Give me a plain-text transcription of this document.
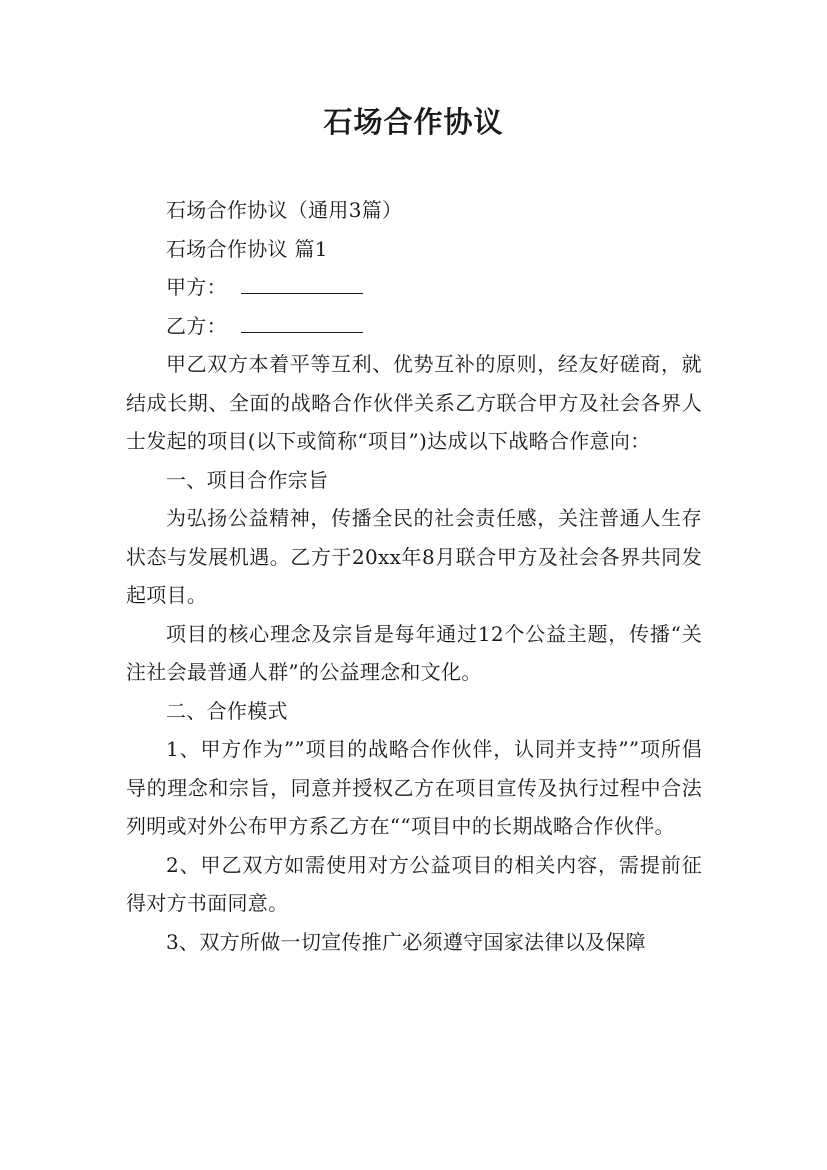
石场合作协议

石场合作协议（通用3篇）

石场合作协议 篇1

甲方：

乙方：

甲乙双方本着平等互利、优势互补的原则，经友好磋商，就结成长期、全面的战略合作伙伴关系乙方联合甲方及社会各界人士发起的项目(以下或简称“项目”)达成以下战略合作意向：

一、项目合作宗旨

为弘扬公益精神，传播全民的社会责任感，关注普通人生存状态与发展机遇。乙方于20xx年8月联合甲方及社会各界共同发起项目。

项目的核心理念及宗旨是每年通过12个公益主题，传播“关注社会最普通人群”的公益理念和文化。

二、合作模式

1、甲方作为””项目的战略合作伙伴，认同并支持””项所倡导的理念和宗旨，同意并授权乙方在项目宣传及执行过程中合法列明或对外公布甲方系乙方在““项目中的长期战略合作伙伴。

2、甲乙双方如需使用对方公益项目的相关内容，需提前征得对方书面同意。

3、双方所做一切宣传推广必须遵守国家法律以及保障
